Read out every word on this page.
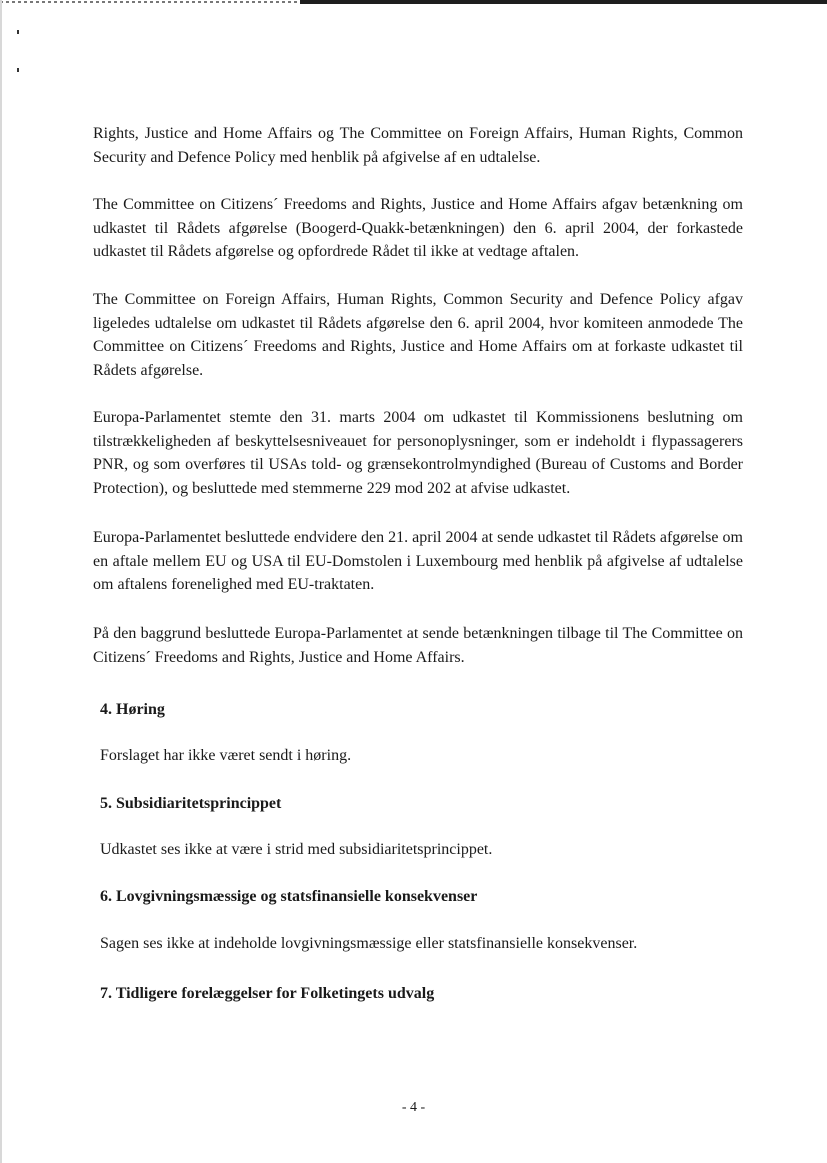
Rights, Justice and Home Affairs og The Committee on Foreign Affairs, Human Rights, Common Security and Defence Policy med henblik på afgivelse af en udtalelse.

The Committee on Citizens´ Freedoms and Rights, Justice and Home Affairs afgav betænkning om udkastet til Rådets afgørelse (Boogerd-Quakk-betænkningen) den 6. april 2004, der forkastede udkastet til Rådets afgørelse og opfordrede Rådet til ikke at vedtage aftalen.

The Committee on Foreign Affairs, Human Rights, Common Security and Defence Policy afgav ligeledes udtalelse om udkastet til Rådets afgørelse den 6. april 2004, hvor komiteen anmodede The Committee on Citizens´ Freedoms and Rights, Justice and Home Affairs om at forkaste udkastet til Rådets afgørelse.

Europa-Parlamentet stemte den 31. marts 2004 om udkastet til Kommissionens beslutning om tilstrækkeligheden af beskyttelsesniveauet for personoplysninger, som er indeholdt i flypassagerers PNR, og som overføres til USAs told- og grænsekontrolmyndighed (Bureau of Customs and Border Protection), og besluttede med stemmerne 229 mod 202 at afvise udkastet.

Europa-Parlamentet besluttede endvidere den 21. april 2004 at sende udkastet til Rådets afgørelse om en aftale mellem EU og USA til EU-Domstolen i Luxembourg med henblik på afgivelse af udtalelse om aftalens forenelighed med EU-traktaten.

På den baggrund besluttede Europa-Parlamentet at sende betænkningen tilbage til The Committee on Citizens´ Freedoms and Rights, Justice and Home Affairs.

4. Høring

Forslaget har ikke været sendt i høring.

5. Subsidiaritetsprincippet

Udkastet ses ikke at være i strid med subsidiaritetsprincippet.

6. Lovgivningsmæssige og statsfinansielle konsekvenser

Sagen ses ikke at indeholde lovgivningsmæssige eller statsfinansielle konsekvenser.

7. Tidligere forelæggelser for Folketingets udvalg
- 4 -
